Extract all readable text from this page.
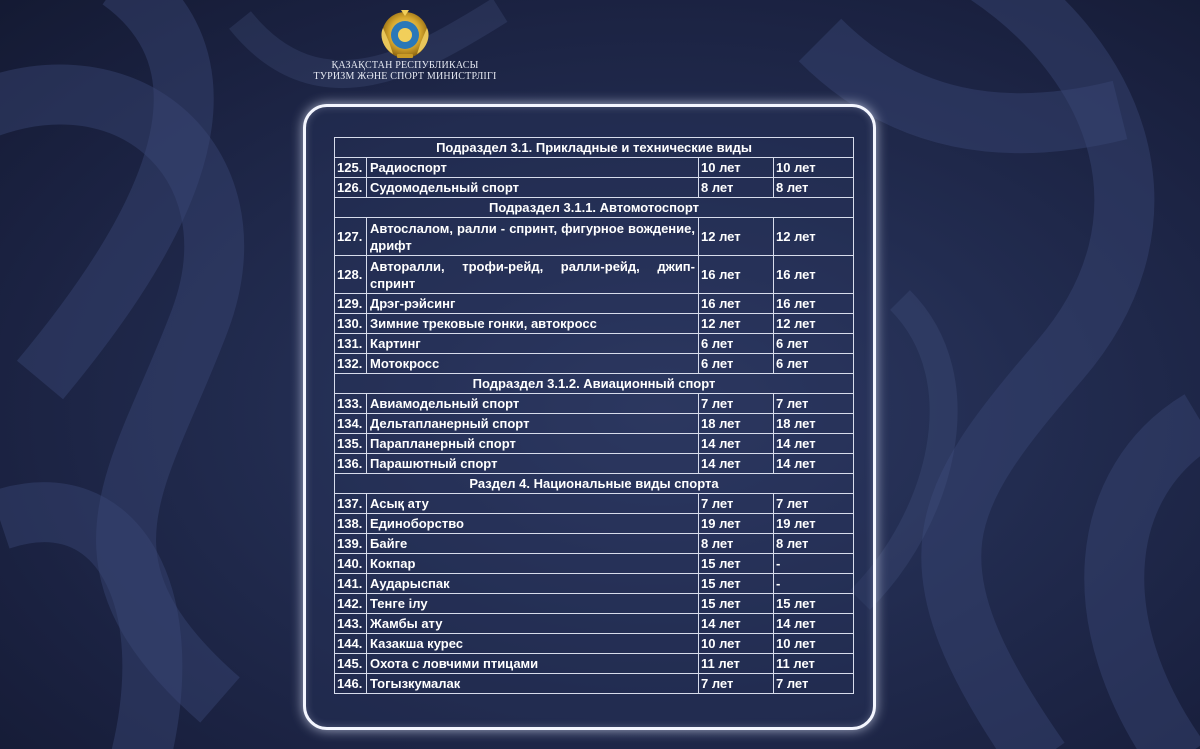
ҚАЗАҚСТАН РЕСПУБЛИКАСЫ
ТУРИЗМ ЖӘНЕ СПОРТ МИНИСТРЛІГІ
Подраздел 3.1. Прикладные и технические виды			
125.	Радиоспорт	10 лет	10 лет
126.	Судомодельный спорт	8 лет	8 лет
Подраздел 3.1.1. Автомотоспорт			
127.	Автослалом, ралли - спринт, фигурное вождение, дрифт	12 лет	12 лет
128.	Авторалли, трофи-рейд, ралли-рейд, джип-спринт	16 лет	16 лет
129.	Дрэг-рэйсинг	16 лет	16 лет
130.	Зимние трековые гонки, автокросс	12 лет	12 лет
131.	Картинг	6 лет	6 лет
132.	Мотокросс	6 лет	6 лет
Подраздел 3.1.2. Авиационный спорт			
133.	Авиамодельный спорт	7 лет	7 лет
134.	Дельтапланерный спорт	18 лет	18 лет
135.	Парапланерный спорт	14 лет	14 лет
136.	Парашютный спорт	14 лет	14 лет
Раздел 4. Национальные виды спорта			
137.	Асық ату	7 лет	7 лет
138.	Единоборство	19 лет	19 лет
139.	Байге	8 лет	8 лет
140.	Кокпар	15 лет	-
141.	Аударыспак	15 лет	-
142.	Тенге ілу	15 лет	15 лет
143.	Жамбы ату	14 лет	14 лет
144.	Казакша курес	10 лет	10 лет
145.	Охота с ловчими птицами	11 лет	11 лет
146.	Тогызкумалак	7 лет	7 лет
